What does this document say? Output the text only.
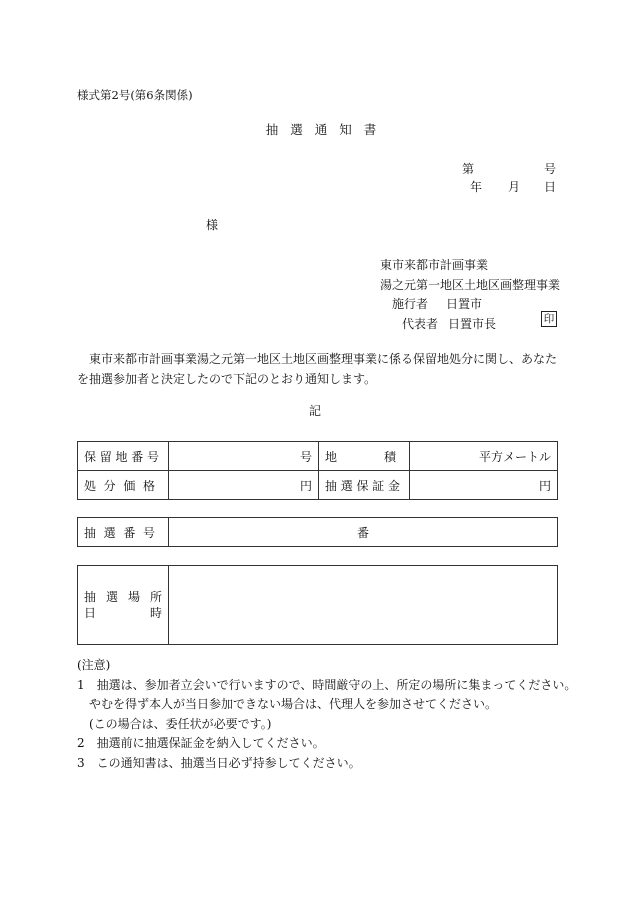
様式第2号(第6条関係)
抽選通知書
第	号
年 月 日
様
東市来都市計画事業
湯之元第一地区土地区画整理事業
施行者 日置市
代表者 日置市長	印
東市来都市計画事業湯之元第一地区土地区画整理事業に係る保留地処分に関し、あなたを抽選参加者と決定したので下記のとおり通知します。
記
保留地番号	号	地積	平方メートル
処分価格	円	抽選保証金	円
抽選番号	番
抽選場所
日時

(注意)
1　抽選は、参加者立会いで行いますので、時間厳守の上、所定の場所に集まってください。
　やむを得ず本人が当日参加できない場合は、代理人を参加させてください。
　(この場合は、委任状が必要です。)
2　抽選前に抽選保証金を納入してください。
3　この通知書は、抽選当日必ず持参してください。
